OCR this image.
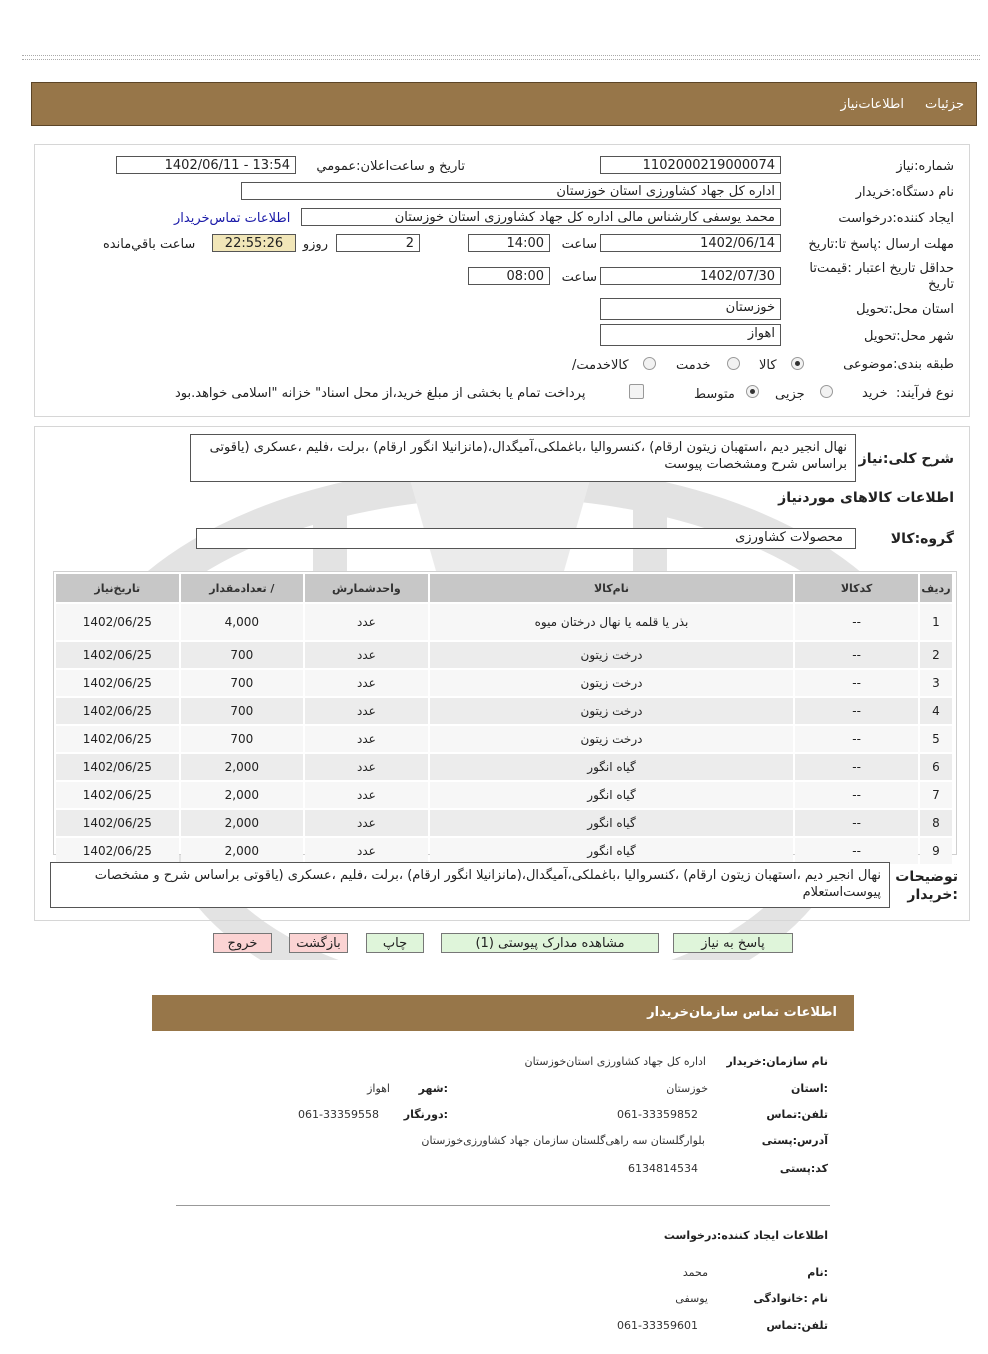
جزئیات
اطلاعات‌نیاز
شماره:نیاز
1102000219000074
تاریخ و ساعت‌اعلان:عمومي
1402/06/11 - 13:54
نام دستگاه:خریدار
اداره کل جهاد کشاورزی استان خوزستان
ایجاد کننده:درخواست
محمد یوسفی کارشناس مالی اداره کل جهاد کشاورزی استان خوزستان
اطلاعات تماس‌خریدار
مهلت ارسال :پاسخ تا:تاریخ
1402/06/14
ساعت
14:00
2
روزو
22:55:26
ساعت باقي‌مانده
حداقل تاریخ اعتبار :قیمت‌تا تاریخ
1402/07/30
ساعت
08:00
استان محل:تحویل
خوزستان
شهر محل:تحویل
اهواز
طبقه بندی:موضوعی
کالا
خدمت
کالاخدمت/
نوع فرآیند:
خرید
جزیی
متوسط
پرداخت تمام یا بخشی از مبلغ خرید،از محل اسناد" خزانه "اسلامی خواهد.بود
شرح کلی:نیاز
نهال انجیر دیم ،استهبان زیتون ارقام) ،کنسروالیا ،باغملکی،آمیگدال،(مانزانیلا انگور ارقام) ،برلت ،فلیم ،عسکری (یاقوتی براساس شرح ومشخصات پیوست
اطلاعات کالاهای مورد‌نیاز
گروه:کالا
محصولات کشاورزی
ردیف	کدکالا	نام‌کالا	واحد‌شمارش	/ تعداد‌مقدار	تاریخ‌نیاز
1	--	بذر یا قلمه یا نهال درختان میوه	عدد	4,000	1402/06/25
2	--	درخت زیتون	عدد	700	1402/06/25
3	--	درخت زیتون	عدد	700	1402/06/25
4	--	درخت زیتون	عدد	700	1402/06/25
5	--	درخت زیتون	عدد	700	1402/06/25
6	--	گیاه انگور	عدد	2,000	1402/06/25
7	--	گیاه انگور	عدد	2,000	1402/06/25
8	--	گیاه انگور	عدد	2,000	1402/06/25
9	--	گیاه انگور	عدد	2,000	1402/06/25
توضیحات :خریدار
نهال انجیر دیم ،استهبان زیتون ارقام) ،کنسروالیا ،باغملکی،آمیگدال،(مانزانیلا انگور ارقام) ،برلت ،فلیم ،عسکری (یاقوتی براساس شرح و مشخصات پیوست‌استعلام
پاسخ به نیاز
مشاهده مدارک پیوستی (1)
چاپ
بازگشت
خروج
اطلاعات تماس سازمان‌خریدار
نام سازمان:خریدار
اداره کل جهاد کشاورزی استان‌خوزستان
:استان
خوزستان
:شهر
اهواز
تلفن:تماس
061-33359852
:دورنگار
061-33359558
آدرس:پستی
بلوار‌گلستان سه راهی‌گلستان سازمان جهاد کشاورزی‌خوزستان
کد:پستی
6134814534
اطلاعات ایجاد کننده:درخواست
:نام
محمد
نام :خانوادگی
یوسفی
تلفن:تماس
061-33359601
